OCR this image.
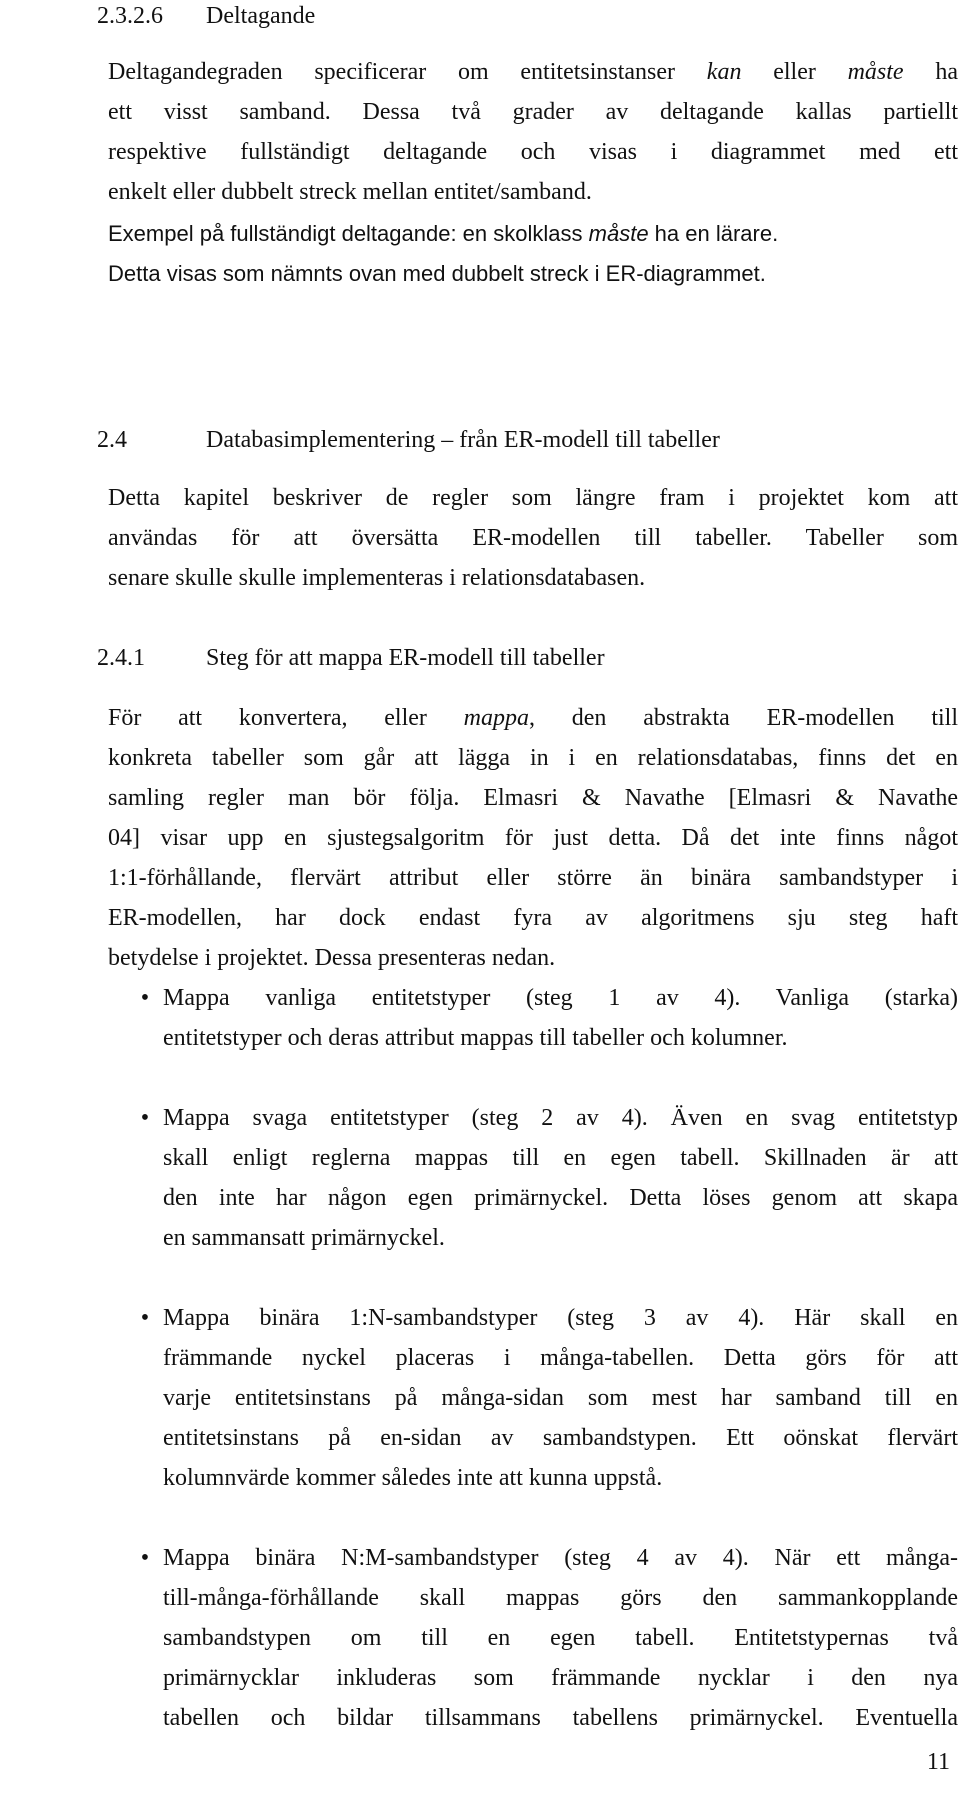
2.3.2.6 Deltagande
Deltagandegraden specificerar om entitetsinstanser kan eller måste ha
ett visst samband. Dessa två grader av deltagande kallas partiellt
respektive fullständigt deltagande och visas i diagrammet med ett
enkelt eller dubbelt streck mellan entitet/samband.
Exempel på fullständigt deltagande: en skolklass måste ha en lärare.
Detta visas som nämnts ovan med dubbelt streck i ER-diagrammet.
2.4	Databasimplementering – från ER-modell till tabeller
Detta kapitel beskriver de regler som längre fram i projektet kom att
användas för att översätta ER-modellen till tabeller. Tabeller som
senare skulle skulle implementeras i relationsdatabasen.
2.4.1	Steg för att mappa ER-modell till tabeller
För att konvertera, eller mappa, den abstrakta ER-modellen till
konkreta tabeller som går att lägga in i en relationsdatabas, finns det en
samling regler man bör följa. Elmasri & Navathe [Elmasri & Navathe
04] visar upp en sjustegsalgoritm för just detta. Då det inte finns något
1:1-förhållande, flervärt attribut eller större än binära sambandstyper i
ER-modellen, har dock endast fyra av algoritmens sju steg haft
betydelse i projektet. Dessa presenteras nedan.
• Mappa vanliga entitetstyper (steg 1 av 4). Vanliga (starka)
entitetstyper och deras attribut mappas till tabeller och kolumner.
• Mappa svaga entitetstyper (steg 2 av 4). Även en svag entitetstyp
skall enligt reglerna mappas till en egen tabell. Skillnaden är att
den inte har någon egen primärnyckel. Detta löses genom att skapa
en sammansatt primärnyckel.
• Mappa binära 1:N-sambandstyper (steg 3 av 4). Här skall en
främmande nyckel placeras i många-tabellen. Detta görs för att
varje entitetsinstans på många-sidan som mest har samband till en
entitetsinstans på en-sidan av sambandstypen. Ett oönskat flervärt
kolumnvärde kommer således inte att kunna uppstå.
• Mappa binära N:M-sambandstyper (steg 4 av 4). När ett många-
till-många-förhållande skall mappas görs den sammankopplande
sambandstypen om till en egen tabell. Entitetstypernas två
primärnycklar inkluderas som främmande nycklar i den nya
tabellen och bildar tillsammans tabellens primärnyckel. Eventuella
11
